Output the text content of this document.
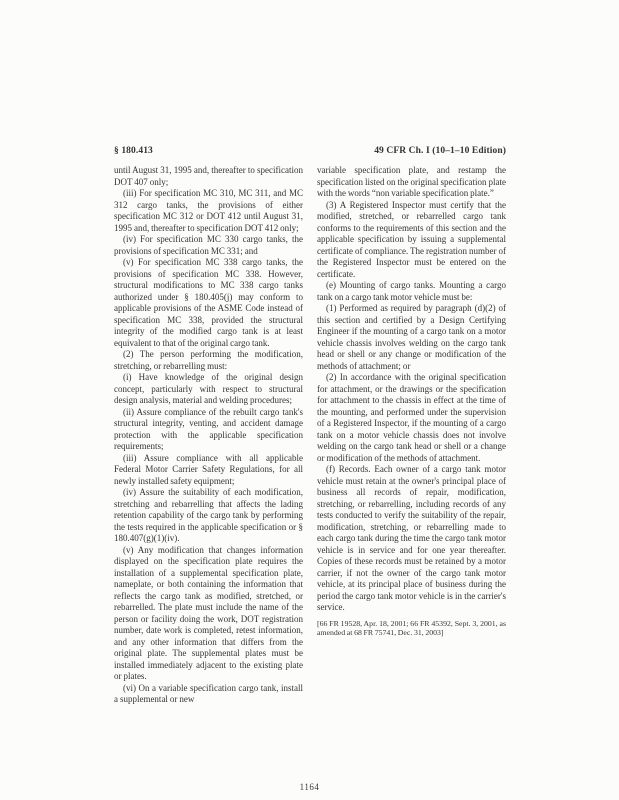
§ 180.413	49 CFR Ch. I (10–1–10 Edition)

until August 31, 1995 and, thereafter to specification DOT 407 only;

(iii) For specification MC 310, MC 311, and MC 312 cargo tanks, the provisions of either specification MC 312 or DOT 412 until August 31, 1995 and, thereafter to specification DOT 412 only;

(iv) For specification MC 330 cargo tanks, the provisions of specification MC 331; and

(v) For specification MC 338 cargo tanks, the provisions of specification MC 338. However, structural modifications to MC 338 cargo tanks authorized under § 180.405(j) may conform to applicable provisions of the ASME Code instead of specification MC 338, provided the structural integrity of the modified cargo tank is at least equivalent to that of the original cargo tank.

(2) The person performing the modification, stretching, or rebarrelling must:

(i) Have knowledge of the original design concept, particularly with respect to structural design analysis, material and welding procedures;

(ii) Assure compliance of the rebuilt cargo tank's structural integrity, venting, and accident damage protection with the applicable specification requirements;

(iii) Assure compliance with all applicable Federal Motor Carrier Safety Regulations, for all newly installed safety equipment;

(iv) Assure the suitability of each modification, stretching and rebarrelling that affects the lading retention capability of the cargo tank by performing the tests required in the applicable specification or § 180.407(g)(1)(iv).

(v) Any modification that changes information displayed on the specification plate requires the installation of a supplemental specification plate, nameplate, or both containing the information that reflects the cargo tank as modified, stretched, or rebarrelled. The plate must include the name of the person or facility doing the work, DOT registration number, date work is completed, retest information, and any other information that differs from the original plate. The supplemental plates must be installed immediately adjacent to the existing plate or plates.

(vi) On a variable specification cargo tank, install a supplemental or new

variable specification plate, and restamp the specification listed on the original specification plate with the words “non variable specification plate.”

(3) A Registered Inspector must certify that the modified, stretched, or rebarrelled cargo tank conforms to the requirements of this section and the applicable specification by issuing a supplemental certificate of compliance. The registration number of the Registered Inspector must be entered on the certificate.

(e) Mounting of cargo tanks. Mounting a cargo tank on a cargo tank motor vehicle must be:

(1) Performed as required by paragraph (d)(2) of this section and certified by a Design Certifying Engineer if the mounting of a cargo tank on a motor vehicle chassis involves welding on the cargo tank head or shell or any change or modification of the methods of attachment; or

(2) In accordance with the original specification for attachment, or the drawings or the specification for attachment to the chassis in effect at the time of the mounting, and performed under the supervision of a Registered Inspector, if the mounting of a cargo tank on a motor vehicle chassis does not involve welding on the cargo tank head or shell or a change or modification of the methods of attachment.

(f) Records. Each owner of a cargo tank motor vehicle must retain at the owner's principal place of business all records of repair, modification, stretching, or rebarrelling, including records of any tests conducted to verify the suitability of the repair, modification, stretching, or rebarrelling made to each cargo tank during the time the cargo tank motor vehicle is in service and for one year thereafter. Copies of these records must be retained by a motor carrier, if not the owner of the cargo tank motor vehicle, at its principal place of business during the period the cargo tank motor vehicle is in the carrier's service.

[66 FR 19528, Apr. 18, 2001; 66 FR 45392, Sept. 3, 2001, as amended at 68 FR 75741, Dec. 31, 2003]

1164
